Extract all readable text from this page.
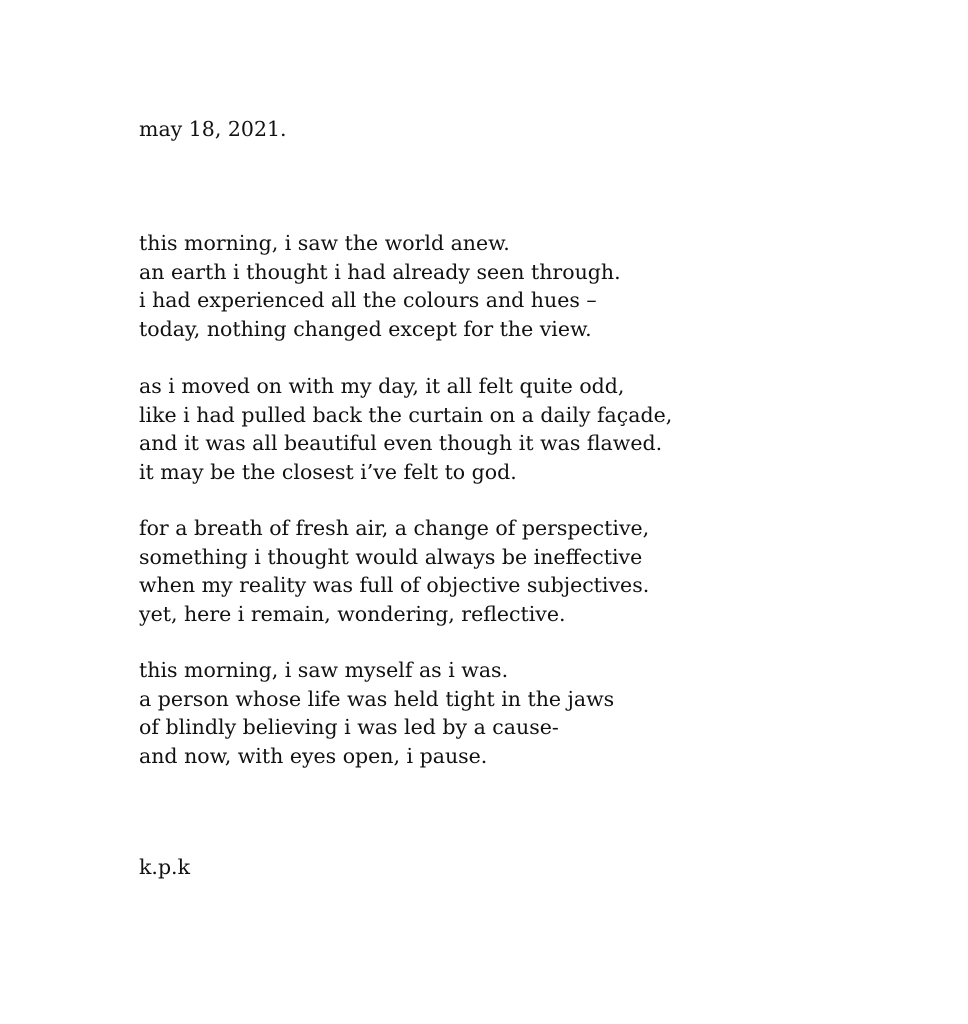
may 18, 2021.

this morning, i saw the world anew.
an earth i thought i had already seen through.
i had experienced all the colours and hues –
today, nothing changed except for the view.
as i moved on with my day, it all felt quite odd,
like i had pulled back the curtain on a daily façade,
and it was all beautiful even though it was flawed.
it may be the closest i’ve felt to god.
for a breath of fresh air, a change of perspective,
something i thought would always be ineffective
when my reality was full of objective subjectives.
yet, here i remain, wondering, reflective.
this morning, i saw myself as i was.
a person whose life was held tight in the jaws
of blindly believing i was led by a cause-
and now, with eyes open, i pause.

k.p.k
